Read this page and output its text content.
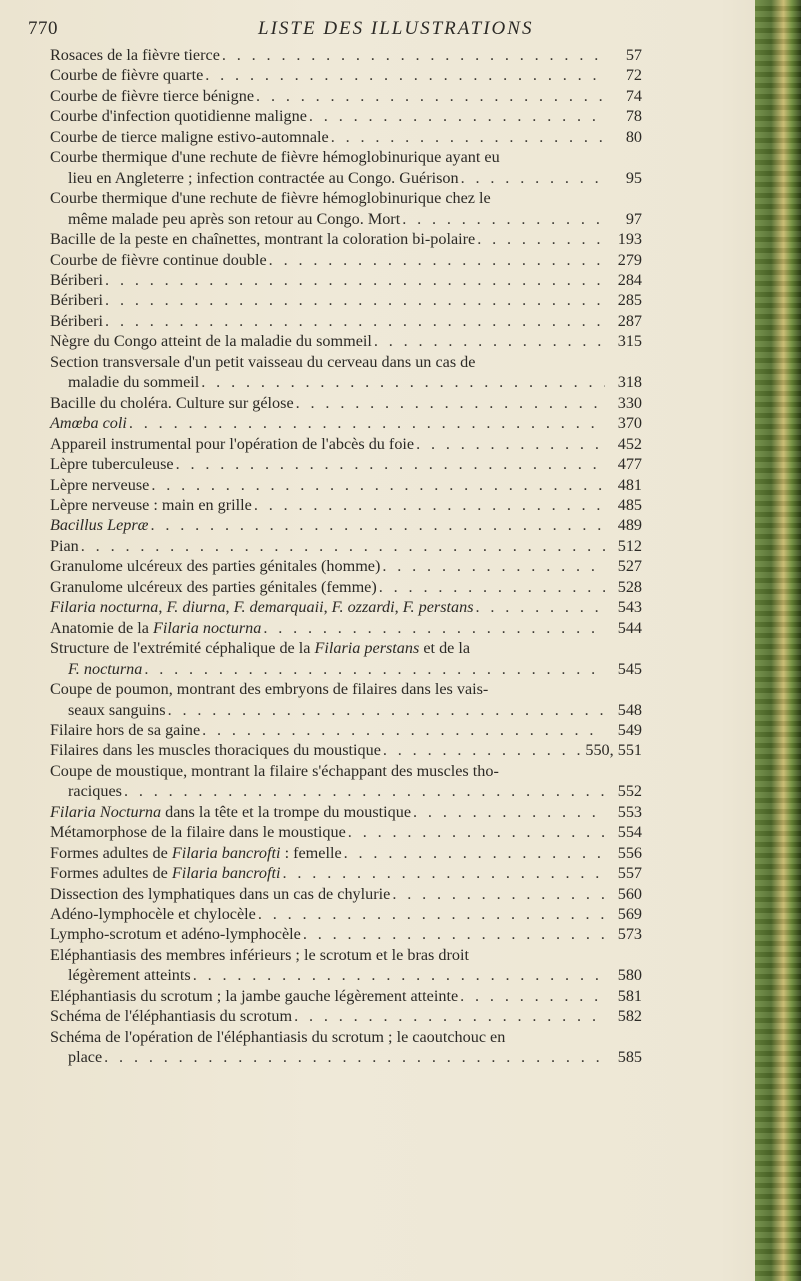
770	LISTE DES ILLUSTRATIONS
Rosaces de la fièvre tierce . . .	57
Courbe de fièvre quarte . . .	72
Courbe de fièvre tierce bénigne . . .	74
Courbe d'infection quotidienne maligne . . .	78
Courbe de tierce maligne estivo-automnale . . .	80
Courbe thermique d'une rechute de fièvre hémoglobinurique ayant eu
lieu en Angleterre ; infection contractée au Congo. Guérison . . .	95
Courbe thermique d'une rechute de fièvre hémoglobinurique chez le
même malade peu après son retour au Congo. Mort . . .	97
Bacille de la peste en chaînettes, montrant la coloration bi-polaire . . .	193
Courbe de fièvre continue double . . .	279
Bériberi . . .	284
Bériberi . . .	285
Bériberi . . .	287
Nègre du Congo atteint de la maladie du sommeil . . .	315
Section transversale d'un petit vaisseau du cerveau dans un cas de
maladie du sommeil . . .	318
Bacille du choléra. Culture sur gélose . . .	330
Amœba coli . . .	370
Appareil instrumental pour l'opération de l'abcès du foie . . .	452
Lèpre tuberculeuse . . .	477
Lèpre nerveuse . . .	481
Lèpre nerveuse : main en grille . . .	485
Bacillus Lepræ . . .	489
Pian . . .	512
Granulome ulcéreux des parties génitales (homme) . . .	527
Granulome ulcéreux des parties génitales (femme) . . .	528
Filaria nocturna, F. diurna, F. demarquaii, F. ozzardi, F. perstans . . .	543
Anatomie de la Filaria nocturna . . .	544
Structure de l'extrémité céphalique de la Filaria perstans et de la
F. nocturna . . .	545
Coupe de poumon, montrant des embryons de filaires dans les vais-
seaux sanguins . . .	548
Filaire hors de sa gaine . . .	549
Filaires dans les muscles thoraciques du moustique . . .	550, 551
Coupe de moustique, montrant la filaire s'échappant des muscles tho-
raciques . . .	552
Filaria Nocturna dans la tête et la trompe du moustique . . .	553
Métamorphose de la filaire dans le moustique . . .	554
Formes adultes de Filaria bancrofti : femelle . . .	556
Formes adultes de Filaria bancrofti . . .	557
Dissection des lymphatiques dans un cas de chylurie . . .	560
Adéno-lymphocèle et chylocèle . . .	569
Lympho-scrotum et adéno-lymphocèle . . .	573
Eléphantiasis des membres inférieurs ; le scrotum et le bras droit
légèrement atteints . . .	580
Eléphantiasis du scrotum ; la jambe gauche légèrement atteinte . . .	581
Schéma de l'éléphantiasis du scrotum . . .	582
Schéma de l'opération de l'éléphantiasis du scrotum ; le caoutchouc en
place . . .	585
